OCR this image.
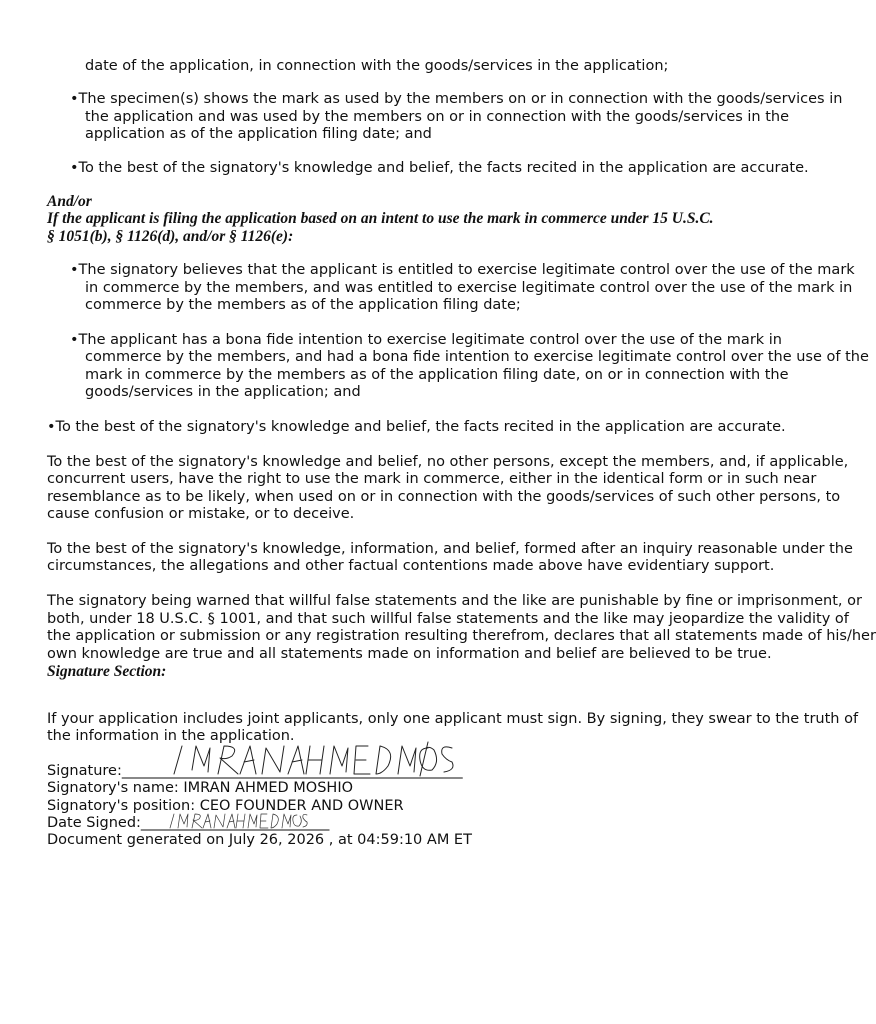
date of the application, in connection with the goods/services in the application;
•The specimen(s) shows the mark as used by the members on or in connection with the goods/services in
the application and was used by the members on or in connection with the goods/services in the
application as of the application filing date; and
•To the best of the signatory's knowledge and belief, the facts recited in the application are accurate.
And/or
If the applicant is filing the application based on an intent to use the mark in commerce under 15 U.S.C.
§ 1051(b), § 1126(d), and/or § 1126(e):
•The signatory believes that the applicant is entitled to exercise legitimate control over the use of the mark
in commerce by the members, and was entitled to exercise legitimate control over the use of the mark in
commerce by the members as of the application filing date;
•The applicant has a bona fide intention to exercise legitimate control over the use of the mark in
commerce by the members, and had a bona fide intention to exercise legitimate control over the use of the
mark in commerce by the members as of the application filing date, on or in connection with the
goods/services in the application; and
•To the best of the signatory's knowledge and belief, the facts recited in the application are accurate.
To the best of the signatory's knowledge and belief, no other persons, except the members, and, if applicable,
concurrent users, have the right to use the mark in commerce, either in the identical form or in such near
resemblance as to be likely, when used on or in connection with the goods/services of such other persons, to
cause confusion or mistake, or to deceive.
To the best of the signatory's knowledge, information, and belief, formed after an inquiry reasonable under the
circumstances, the allegations and other factual contentions made above have evidentiary support.
The signatory being warned that willful false statements and the like are punishable by fine or imprisonment, or
both, under 18 U.S.C. § 1001, and that such willful false statements and the like may jeopardize the validity of
the application or submission or any registration resulting therefrom, declares that all statements made of his/her
own knowledge are true and all statements made on information and belief are believed to be true.
Signature Section:
If your application includes joint applicants, only one applicant must sign. By signing, they swear to the truth of
the information in the application.
Signature:_______________________________________________
Signatory's name: IMRAN AHMED MOSHIO
Signatory's position: CEO FOUNDER AND OWNER
Date Signed:__________________________
Document generated on July 26, 2026 , at 04:59:10 AM ET
